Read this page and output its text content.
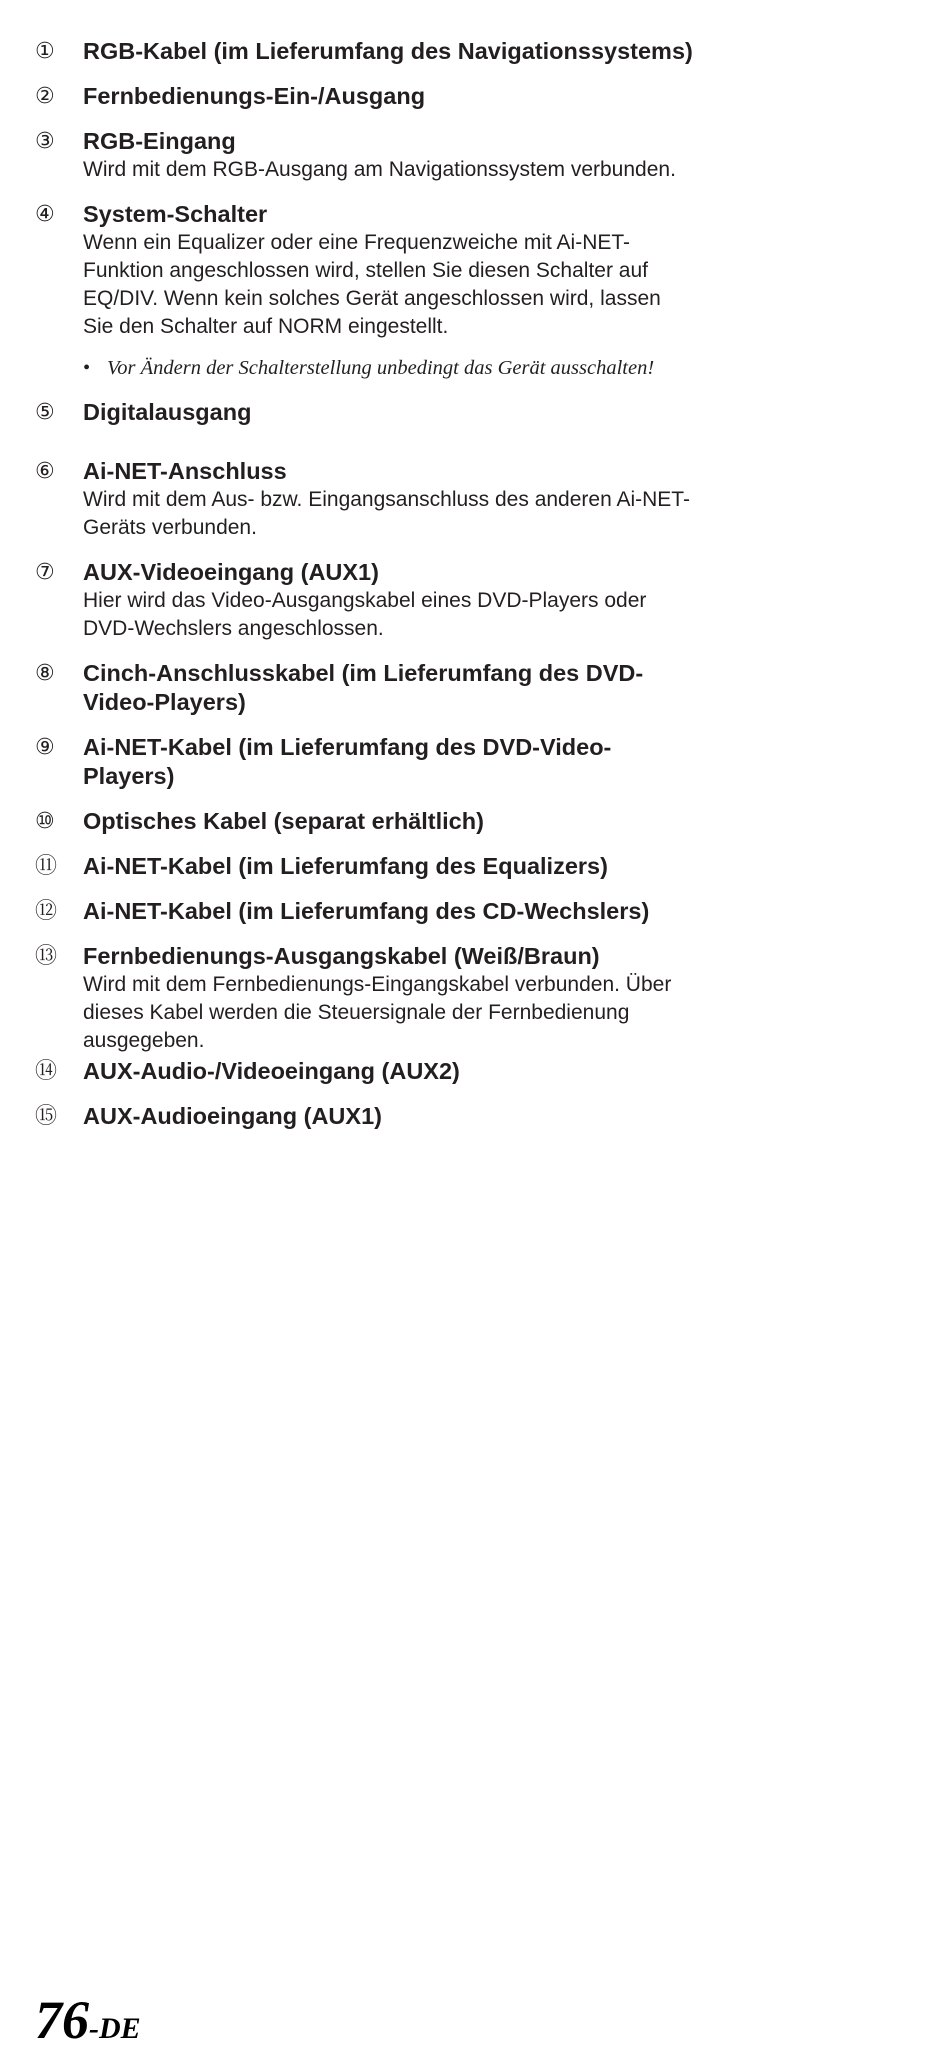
①	RGB-Kabel (im Lieferumfang des Navigationssystems)
②	Fernbedienungs-Ein-/Ausgang
③	RGB-Eingang
Wird mit dem RGB-Ausgang am Navigationssystem verbunden.
④	System-Schalter
Wenn ein Equalizer oder eine Frequenzweiche mit Ai-NET-Funktion angeschlossen wird, stellen Sie diesen Schalter auf EQ/DIV. Wenn kein solches Gerät angeschlossen wird, lassen Sie den Schalter auf NORM eingestellt.
• Vor Ändern der Schalterstellung unbedingt das Gerät ausschalten!
⑤	Digitalausgang
⑥	Ai-NET-Anschluss
Wird mit dem Aus- bzw. Eingangsanschluss des anderen Ai-NET-Geräts verbunden.
⑦	AUX-Videoeingang (AUX1)
Hier wird das Video-Ausgangskabel eines DVD-Players oder DVD-Wechslers angeschlossen.
⑧	Cinch-Anschlusskabel (im Lieferumfang des DVD-Video-Players)
⑨	Ai-NET-Kabel (im Lieferumfang des DVD-Video-Players)
⑩	Optisches Kabel (separat erhältlich)
⑪	Ai-NET-Kabel (im Lieferumfang des Equalizers)
⑫	Ai-NET-Kabel (im Lieferumfang des CD-Wechslers)
⑬	Fernbedienungs-Ausgangskabel (Weiß/Braun)
Wird mit dem Fernbedienungs-Eingangskabel verbunden. Über dieses Kabel werden die Steuersignale der Fernbedienung ausgegeben.
⑭	AUX-Audio-/Videoeingang (AUX2)
⑮	AUX-Audioeingang (AUX1)
76-DE
